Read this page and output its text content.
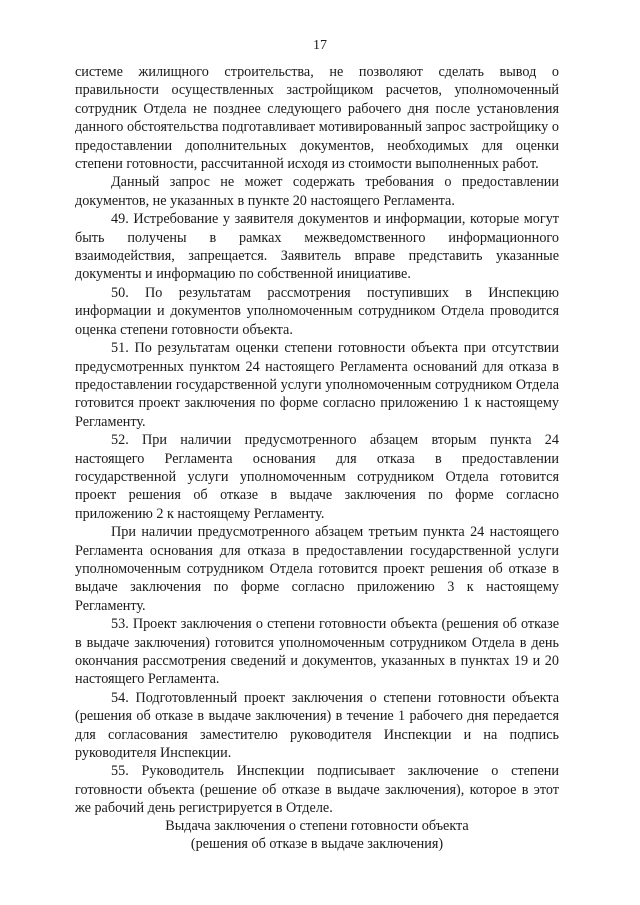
17

системе жилищного строительства, не позволяют сделать вывод о правильности осуществленных застройщиком расчетов, уполномоченный сотрудник Отдела не позднее следующего рабочего дня после установления данного обстоятельства подготавливает мотивированный запрос застройщику о предоставлении дополнительных документов, необходимых для оценки степени готовности, рассчитанной исходя из стоимости выполненных работ.

Данный запрос не может содержать требования о предоставлении документов, не указанных в пункте 20 настоящего Регламента.

49. Истребование у заявителя документов и информации, которые могут быть получены в рамках межведомственного информационного взаимодействия, запрещается. Заявитель вправе представить указанные документы и информацию по собственной инициативе.

50. По результатам рассмотрения поступивших в Инспекцию информации и документов уполномоченным сотрудником Отдела проводится оценка степени готовности объекта.

51. По результатам оценки степени готовности объекта при отсутствии предусмотренных пунктом 24 настоящего Регламента оснований для отказа в предоставлении государственной услуги уполномоченным сотрудником Отдела готовится проект заключения по форме согласно приложению 1 к настоящему Регламенту.

52. При наличии предусмотренного абзацем вторым пункта 24 настоящего Регламента основания для отказа в предоставлении государственной услуги уполномоченным сотрудником Отдела готовится проект решения об отказе в выдаче заключения по форме согласно приложению 2 к настоящему Регламенту.

При наличии предусмотренного абзацем третьим пункта 24 настоящего Регламента основания для отказа в предоставлении государственной услуги уполномоченным сотрудником Отдела готовится проект решения об отказе в выдаче заключения по форме согласно приложению 3 к настоящему Регламенту.

53. Проект заключения о степени готовности объекта (решения об отказе в выдаче заключения) готовится уполномоченным сотрудником Отдела в день окончания рассмотрения сведений и документов, указанных в пунктах 19 и 20 настоящего Регламента.

54. Подготовленный проект заключения о степени готовности объекта (решения об отказе в выдаче заключения) в течение 1 рабочего дня передается для согласования заместителю руководителя Инспекции и на подпись руководителя Инспекции.

55. Руководитель Инспекции подписывает заключение о степени готовности объекта (решение об отказе в выдаче заключения), которое в этот же рабочий день регистрируется в Отделе.

Выдача заключения о степени готовности объекта
(решения об отказе в выдаче заключения)
